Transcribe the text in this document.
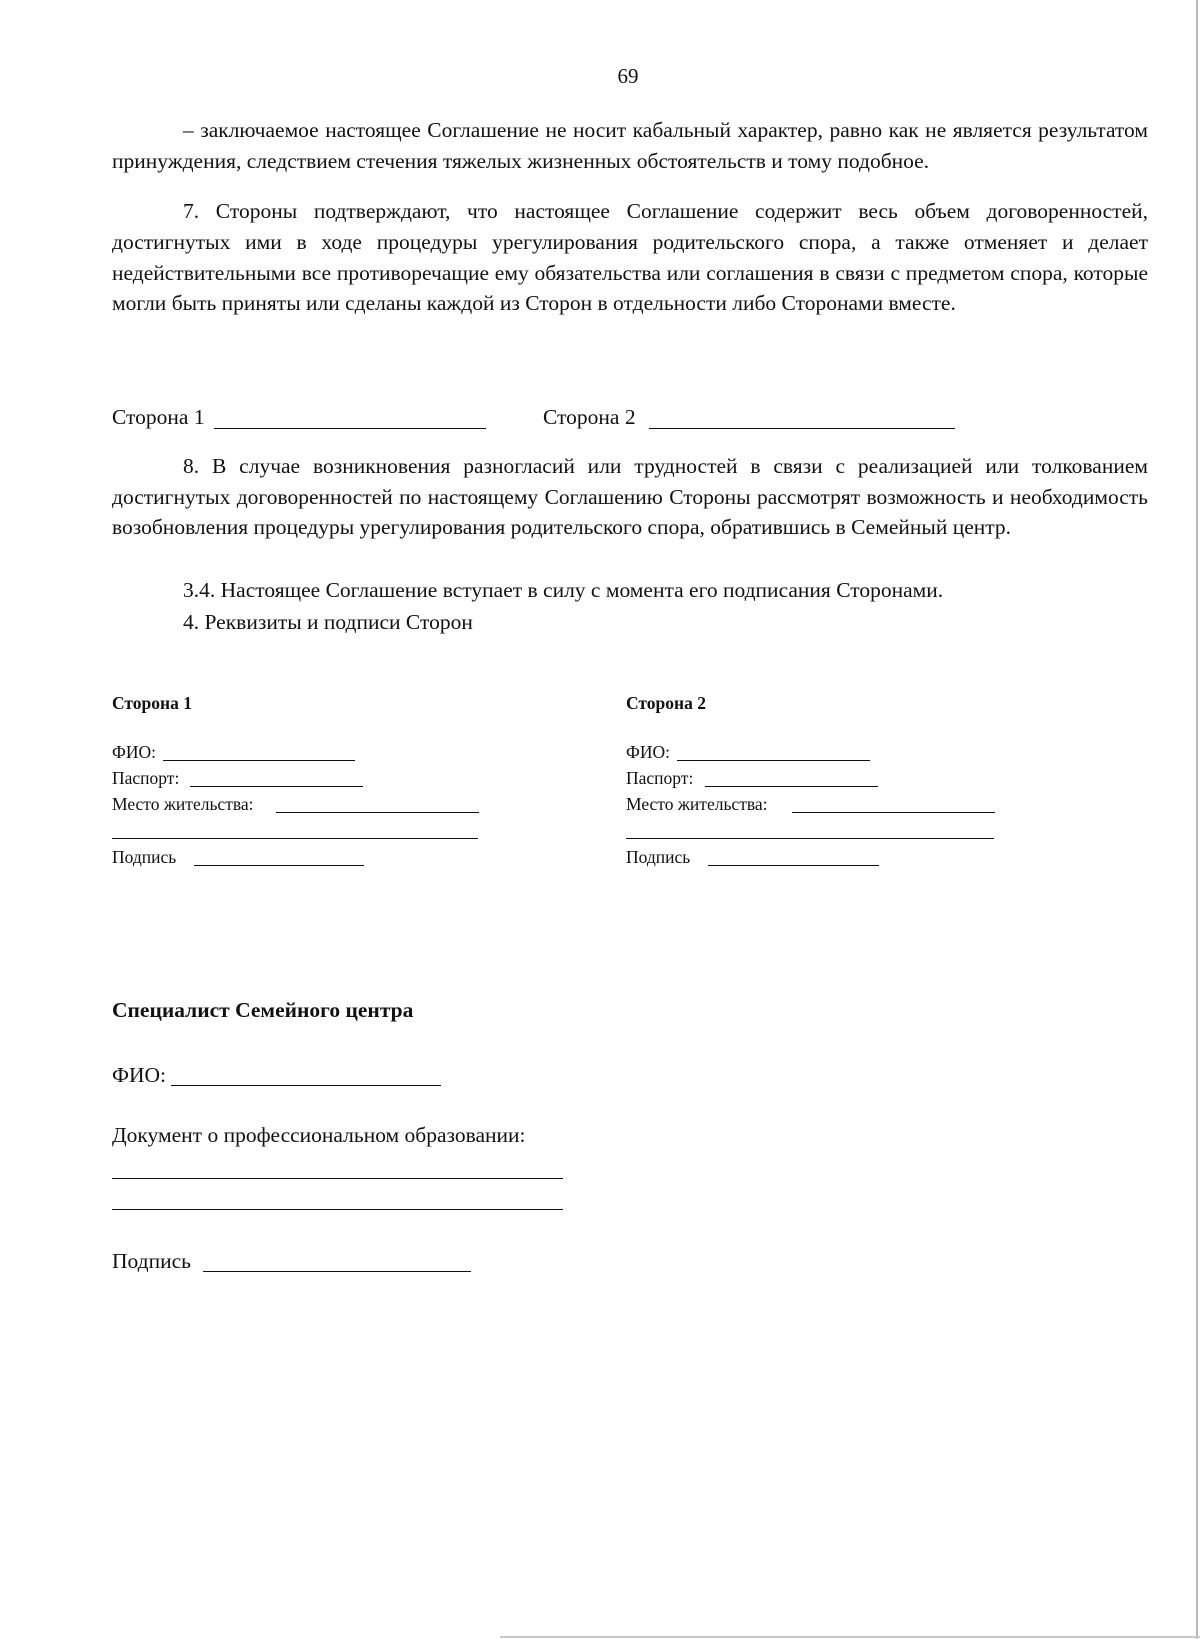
69
– заключаемое настоящее Соглашение не носит кабальный характер, равно как не является результатом принуждения, следствием стечения тяжелых жизненных обстоятельств и тому подобное.
7. Стороны подтверждают, что настоящее Соглашение содержит весь объем договоренностей, достигнутых ими в ходе процедуры урегулирования родительского спора, а также отменяет и делает недействительными все противоречащие ему обязательства или соглашения в связи с предметом спора, которые могли быть приняты или сделаны каждой из Сторон в отдельности либо Сторонами вместе.
Сторона 1	Сторона 2
8. В случае возникновения разногласий или трудностей в связи с реализацией или толкованием достигнутых договоренностей по настоящему Соглашению Стороны рассмотрят возможность и необходимость возобновления процедуры урегулирования родительского спора, обратившись в Семейный центр.
3.4. Настоящее Соглашение вступает в силу с момента его подписания Сторонами.
4. Реквизиты и подписи Сторон
Сторона 1
ФИО:
Паспорт:
Место жительства:
Подпись
Сторона 2
ФИО:
Паспорт:
Место жительства:
Подпись
Специалист Семейного центра
ФИО:
Документ о профессиональном образовании:
Подпись
